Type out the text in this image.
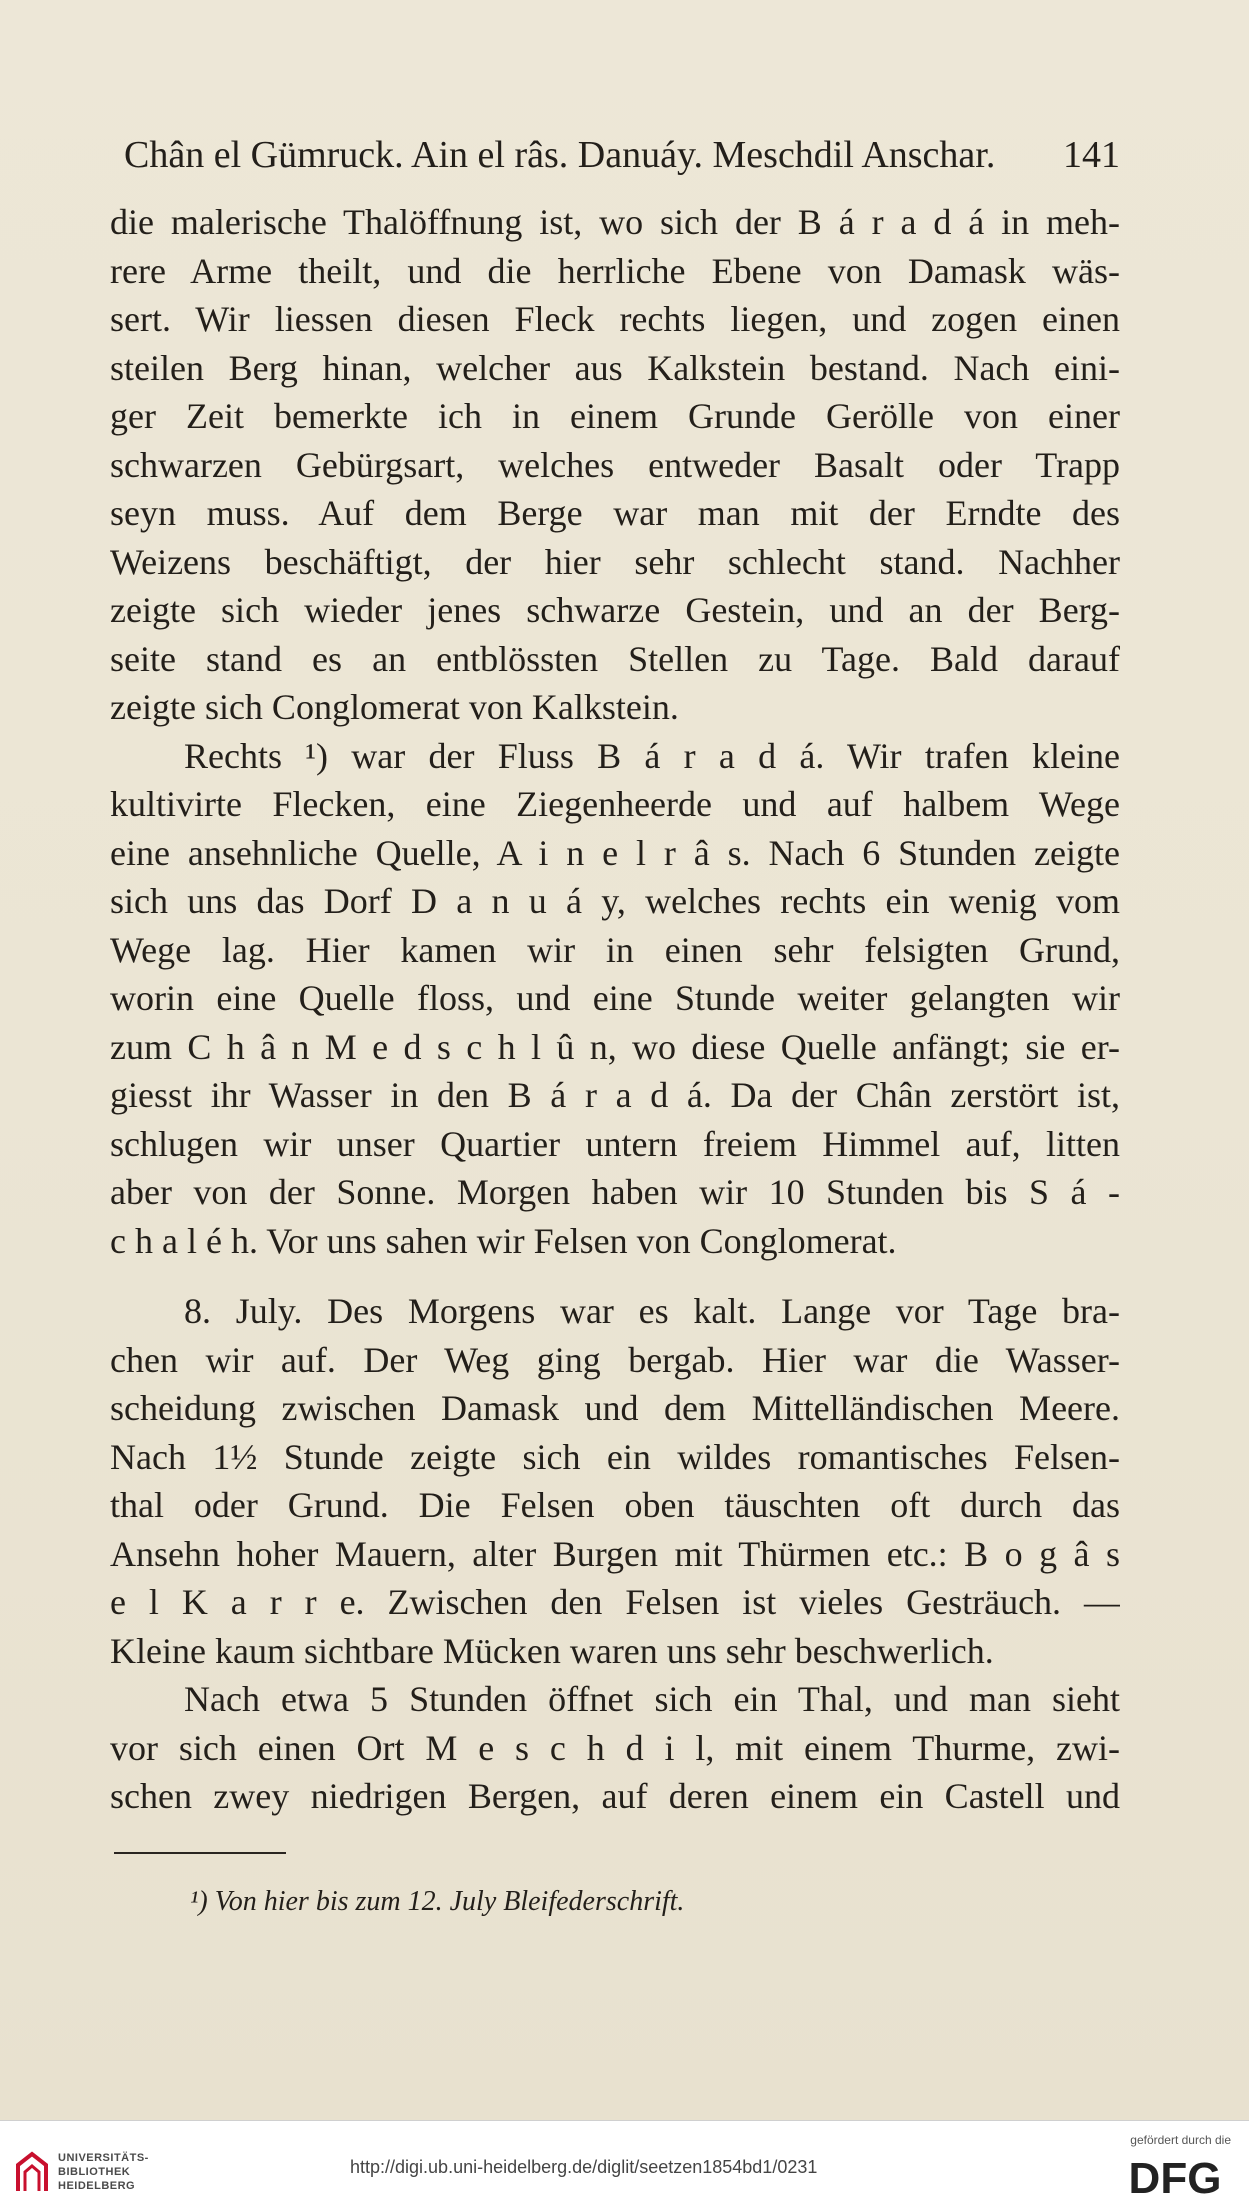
Chân el Gümruck. Ain el râs. Danuáy. Meschdil Anschar. 141
die malerische Thalöffnung ist, wo sich der B á r a d á in meh-
rere Arme theilt, und die herrliche Ebene von Damask wäs-
sert. Wir liessen diesen Fleck rechts liegen, und zogen einen
steilen Berg hinan, welcher aus Kalkstein bestand. Nach eini-
ger Zeit bemerkte ich in einem Grunde Gerölle von einer
schwarzen Gebürgsart, welches entweder Basalt oder Trapp
seyn muss. Auf dem Berge war man mit der Erndte des
Weizens beschäftigt, der hier sehr schlecht stand. Nachher
zeigte sich wieder jenes schwarze Gestein, und an der Berg-
seite stand es an entblössten Stellen zu Tage. Bald darauf
zeigte sich Conglomerat von Kalkstein.
Rechts ¹) war der Fluss B á r a d á. Wir trafen kleine
kultivirte Flecken, eine Ziegenheerde und auf halbem Wege
eine ansehnliche Quelle, A i n e l r â s. Nach 6 Stunden zeigte
sich uns das Dorf D a n u á y, welches rechts ein wenig vom
Wege lag. Hier kamen wir in einen sehr felsigten Grund,
worin eine Quelle floss, und eine Stunde weiter gelangten wir
zum C h â n M e d s c h l û n, wo diese Quelle anfängt; sie er-
giesst ihr Wasser in den B á r a d á. Da der Chân zerstört ist,
schlugen wir unser Quartier untern freiem Himmel auf, litten
aber von der Sonne. Morgen haben wir 10 Stunden bis S á -
c h a l é h. Vor uns sahen wir Felsen von Conglomerat.
8. July. Des Morgens war es kalt. Lange vor Tage bra-
chen wir auf. Der Weg ging bergab. Hier war die Wasser-
scheidung zwischen Damask und dem Mittelländischen Meere.
Nach 1½ Stunde zeigte sich ein wildes romantisches Felsen-
thal oder Grund. Die Felsen oben täuschten oft durch das
Ansehn hoher Mauern, alter Burgen mit Thürmen etc.: B o g â s
e l K a r r e. Zwischen den Felsen ist vieles Gesträuch. —
Kleine kaum sichtbare Mücken waren uns sehr beschwerlich.
Nach etwa 5 Stunden öffnet sich ein Thal, und man sieht
vor sich einen Ort M e s c h d i l, mit einem Thurme, zwi-
schen zwey niedrigen Bergen, auf deren einem ein Castell und
¹) Von hier bis zum 12. July Bleifederschrift.
UNIVERSITÄTS-
BIBLIOTHEK
HEIDELBERG
http://digi.ub.uni-heidelberg.de/diglit/seetzen1854bd1/0231
gefördert durch die
DFG
